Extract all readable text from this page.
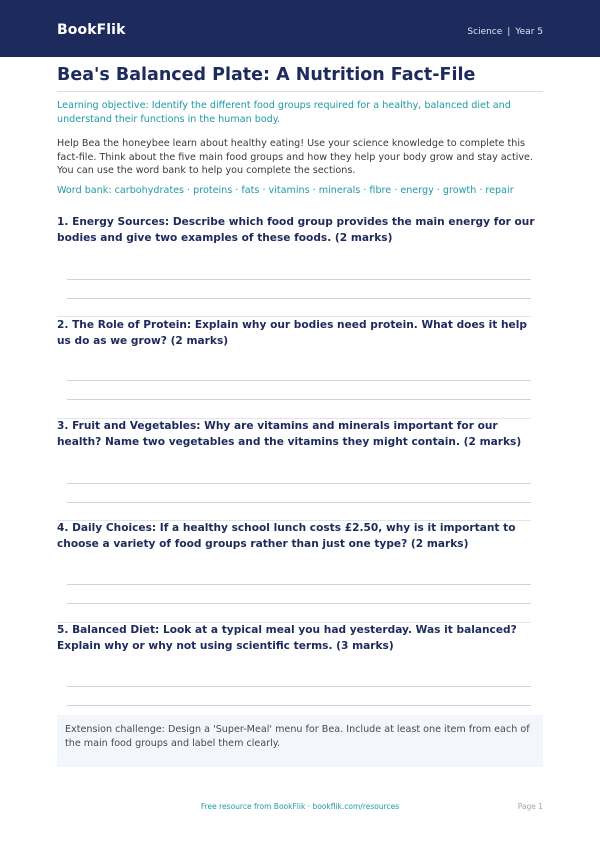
BookFlik	Science | Year 5
Bea's Balanced Plate: A Nutrition Fact-File
Learning objective: Identify the different food groups required for a healthy, balanced diet and understand their functions in the human body.
Help Bea the honeybee learn about healthy eating! Use your science knowledge to complete this fact-file. Think about the five main food groups and how they help your body grow and stay active. You can use the word bank to help you complete the sections.
Word bank: carbohydrates · proteins · fats · vitamins · minerals · fibre · energy · growth · repair
1. Energy Sources: Describe which food group provides the main energy for our bodies and give two examples of these foods. (2 marks)
2. The Role of Protein: Explain why our bodies need protein. What does it help us do as we grow? (2 marks)
3. Fruit and Vegetables: Why are vitamins and minerals important for our health? Name two vegetables and the vitamins they might contain. (2 marks)
4. Daily Choices: If a healthy school lunch costs £2.50, why is it important to choose a variety of food groups rather than just one type? (2 marks)
5. Balanced Diet: Look at a typical meal you had yesterday. Was it balanced? Explain why or why not using scientific terms. (3 marks)
Extension challenge: Design a 'Super-Meal' menu for Bea. Include at least one item from each of the main food groups and label them clearly.
Free resource from BookFlik · bookflik.com/resources	Page 1
